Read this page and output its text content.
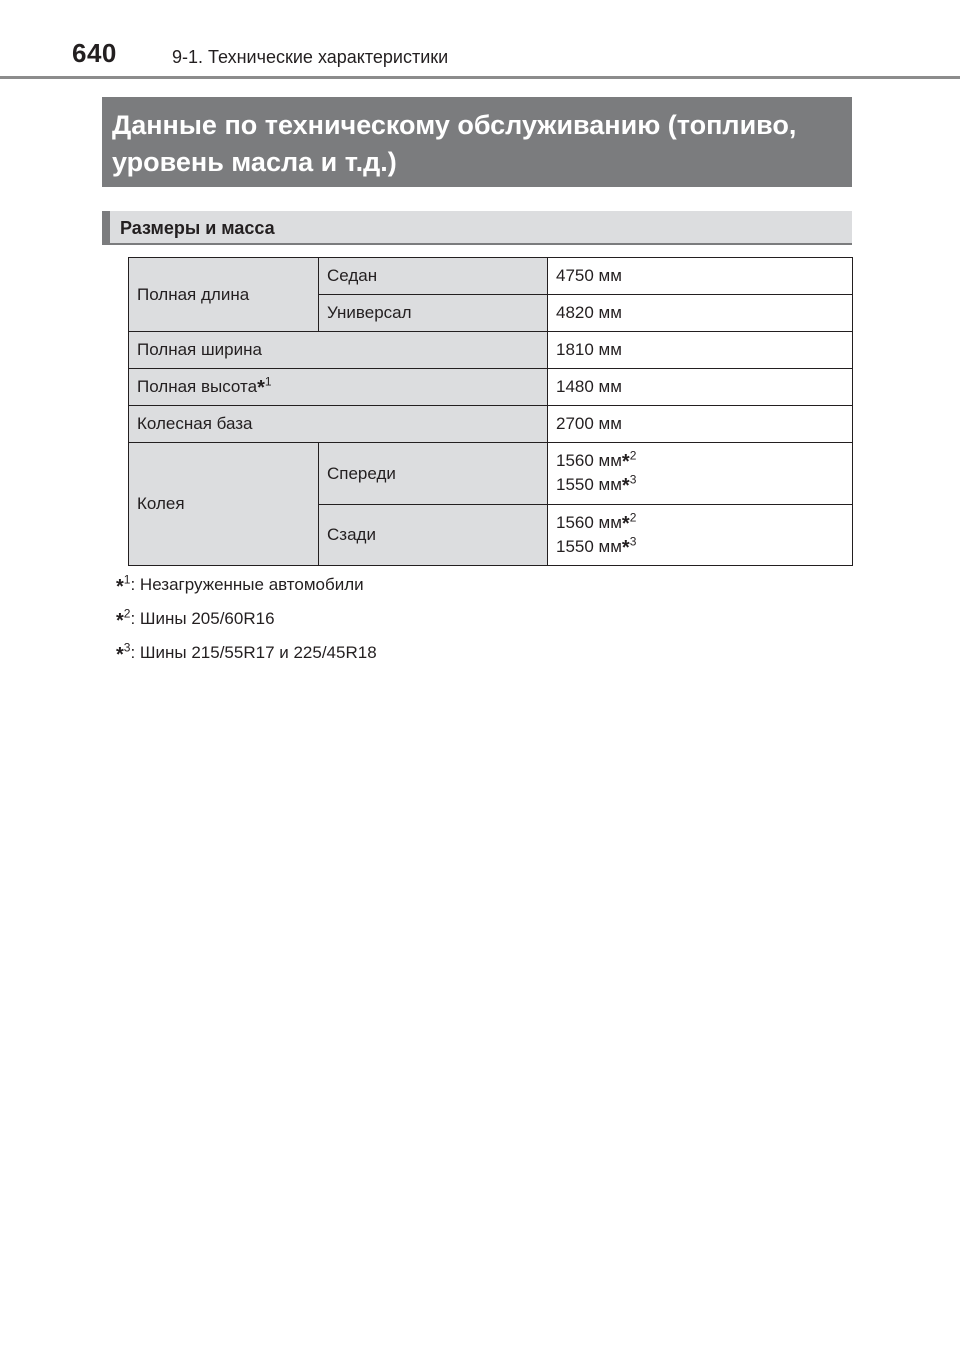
640	9-1. Технические характеристики
Данные по техническому обслуживанию (топливо, уровень масла и т.д.)
Размеры и масса
Полная длина	Седан	4750 мм
	Универсал	4820 мм
Полная ширина		1810 мм
Полная высота*$^1$		1480 мм
Колесная база		2700 мм
Колея	Спереди	1560 мм*$^2$
1550 мм*$^3$

	Сзади	1560 мм*$^2$
1550 мм*$^3$
*$^1$: Незагруженные автомобили
*$^2$: Шины 205/60R16
*$^3$: Шины 215/55R17 и 225/45R18
